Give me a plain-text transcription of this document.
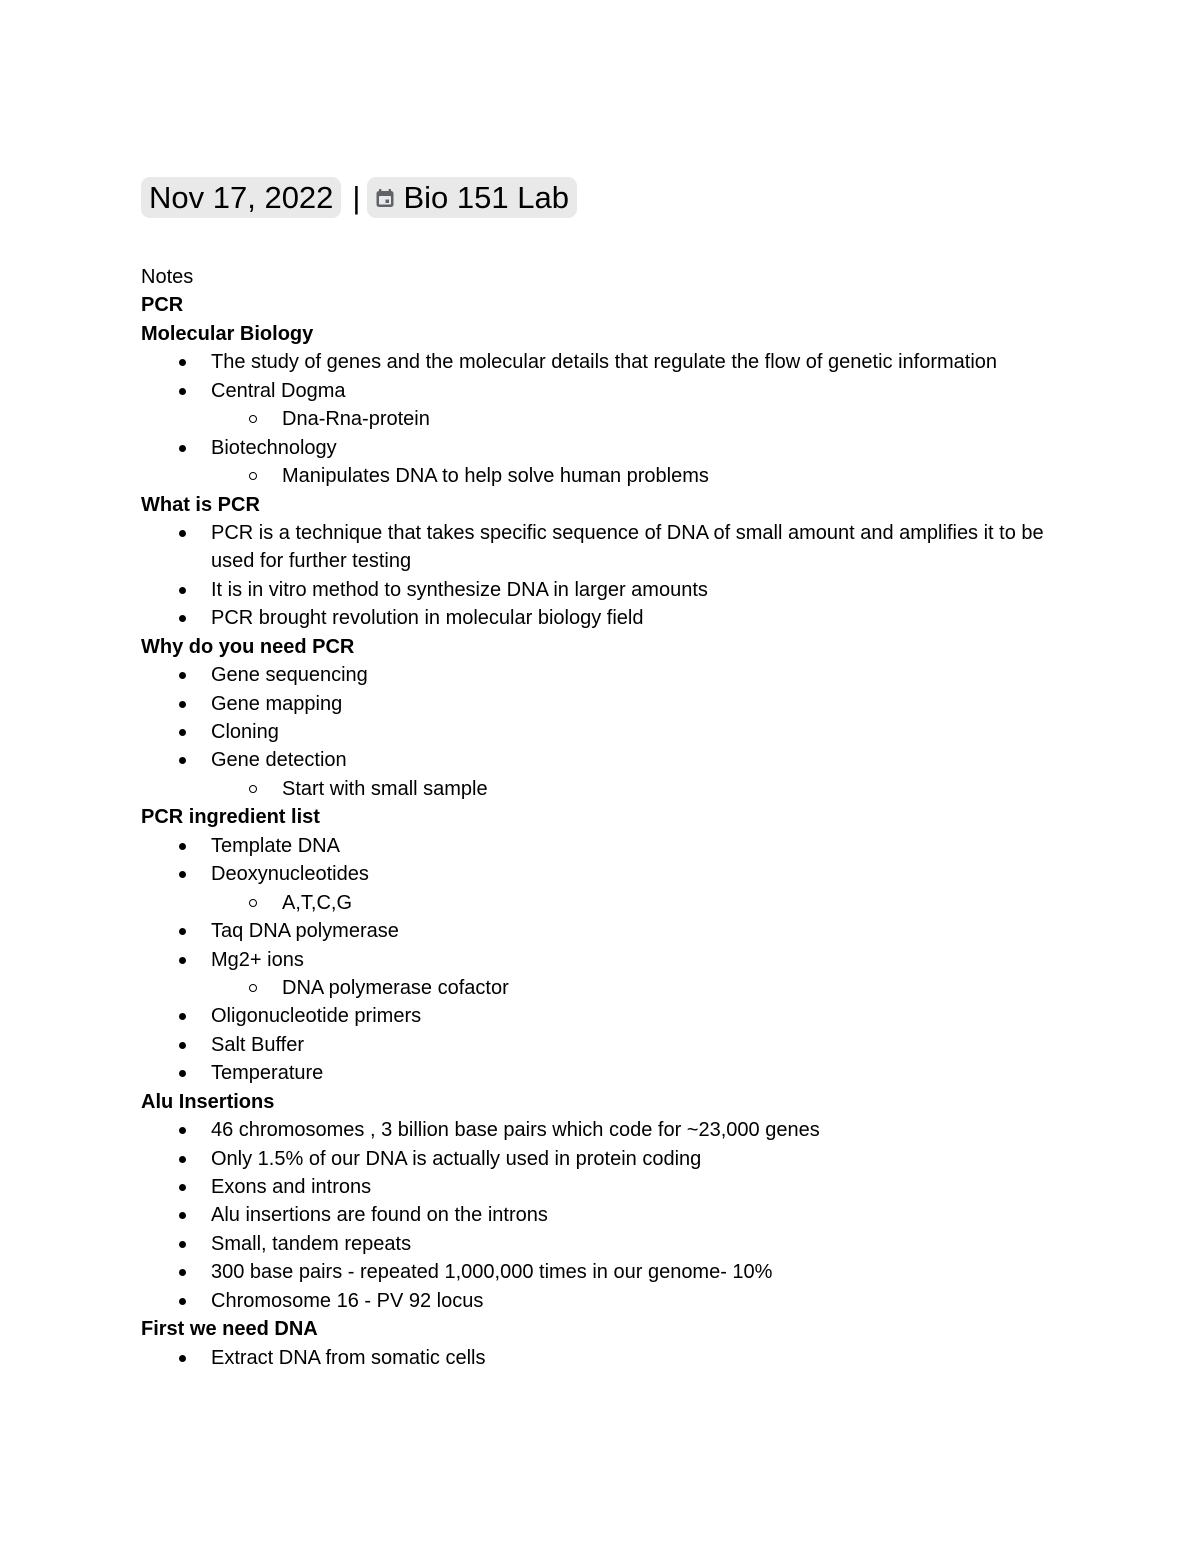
Nov 17, 2022 | Bio 151 Lab
Notes
PCR
Molecular Biology
The study of genes and the molecular details that regulate the flow of genetic information
Central Dogma
Dna-Rna-protein
Biotechnology
Manipulates DNA to help solve human problems
What is PCR
PCR is a technique that takes specific sequence of DNA of small amount and amplifies it to be used for further testing
It is in vitro method to synthesize DNA in larger amounts
PCR brought revolution in molecular biology field
Why do you need PCR
Gene sequencing
Gene mapping
Cloning
Gene detection
Start with small sample
PCR ingredient list
Template DNA
Deoxynucleotides
A,T,C,G
Taq DNA polymerase
Mg2+ ions
DNA polymerase cofactor
Oligonucleotide primers
Salt Buffer
Temperature
Alu Insertions
46 chromosomes , 3 billion base pairs which code for ~23,000 genes
Only 1.5% of our DNA is actually used in protein coding
Exons and introns
Alu insertions are found on the introns
Small, tandem repeats
300 base pairs - repeated 1,000,000 times in our genome- 10%
Chromosome 16 - PV 92 locus
First we need DNA
Extract DNA from somatic cells
